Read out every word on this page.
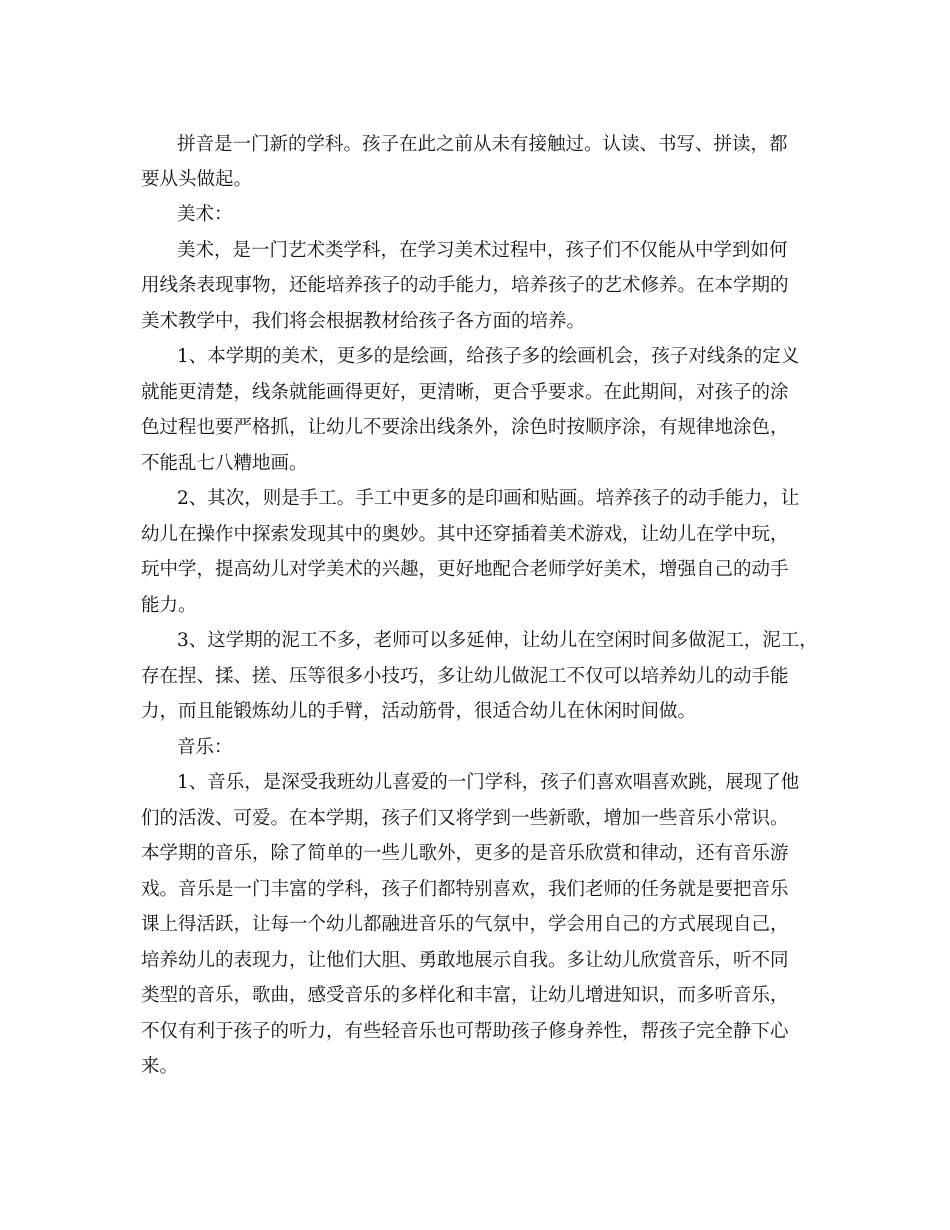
拼音是一门新的学科。孩子在此之前从未有接触过。认读、书写、拼读，都
要从头做起。
美术：
美术，是一门艺术类学科，在学习美术过程中，孩子们不仅能从中学到如何
用线条表现事物，还能培养孩子的动手能力，培养孩子的艺术修养。在本学期的
美术教学中，我们将会根据教材给孩子各方面的培养。
1、本学期的美术，更多的是绘画，给孩子多的绘画机会，孩子对线条的定义
就能更清楚，线条就能画得更好，更清晰，更合乎要求。在此期间，对孩子的涂
色过程也要严格抓，让幼儿不要涂出线条外，涂色时按顺序涂，有规律地涂色，
不能乱七八糟地画。
2、其次，则是手工。手工中更多的是印画和贴画。培养孩子的动手能力，让
幼儿在操作中探索发现其中的奥妙。其中还穿插着美术游戏，让幼儿在学中玩，
玩中学，提高幼儿对学美术的兴趣，更好地配合老师学好美术，增强自己的动手
能力。
3、这学期的泥工不多，老师可以多延伸，让幼儿在空闲时间多做泥工，泥工，
存在捏、揉、搓、压等很多小技巧，多让幼儿做泥工不仅可以培养幼儿的动手能
力，而且能锻炼幼儿的手臂，活动筋骨，很适合幼儿在休闲时间做。
音乐：
1、音乐，是深受我班幼儿喜爱的一门学科，孩子们喜欢唱喜欢跳，展现了他
们的活泼、可爱。在本学期，孩子们又将学到一些新歌，增加一些音乐小常识。
本学期的音乐，除了简单的一些儿歌外，更多的是音乐欣赏和律动，还有音乐游
戏。音乐是一门丰富的学科，孩子们都特别喜欢，我们老师的任务就是要把音乐
课上得活跃，让每一个幼儿都融进音乐的气氛中，学会用自己的方式展现自己，
培养幼儿的表现力，让他们大胆、勇敢地展示自我。多让幼儿欣赏音乐，听不同
类型的音乐，歌曲，感受音乐的多样化和丰富，让幼儿增进知识，而多听音乐，
不仅有利于孩子的听力，有些轻音乐也可帮助孩子修身养性，帮孩子完全静下心
来。
